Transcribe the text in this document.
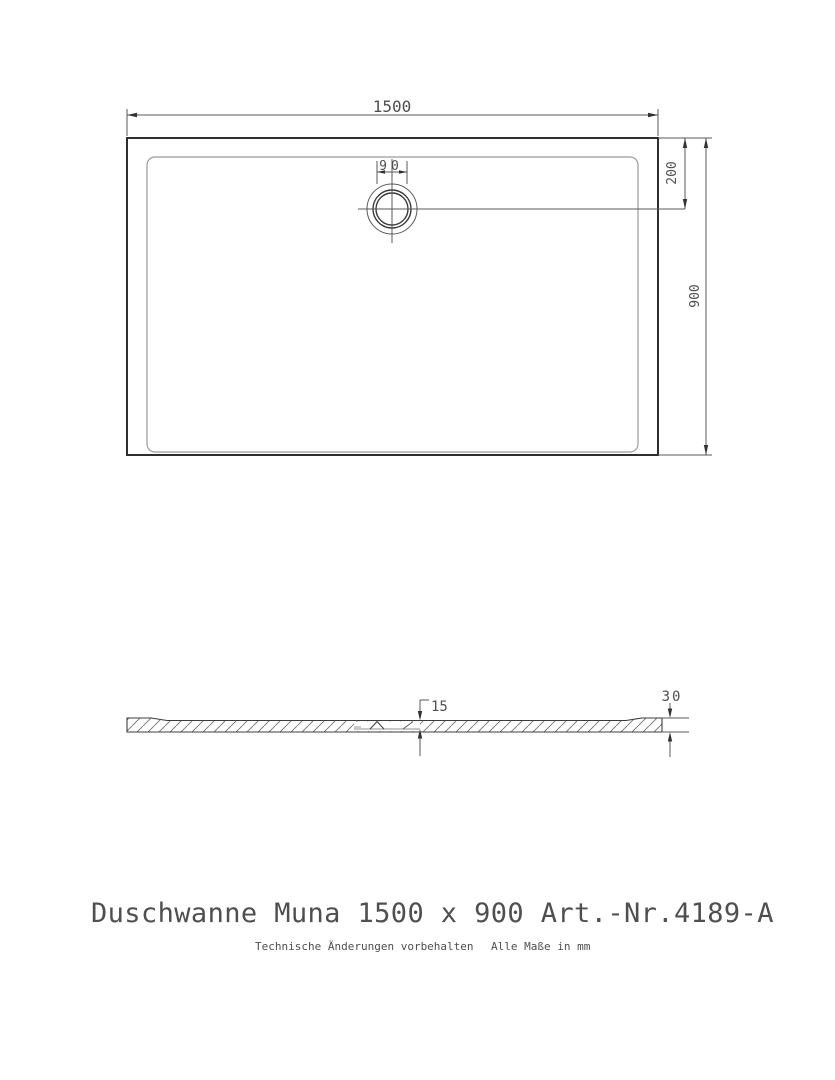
1500
90	200
900
15
30
Duschwanne Muna 1500 x 900 Art.-Nr.4189-A
Technische Änderungen vorbehalten Alle Maße in mm
